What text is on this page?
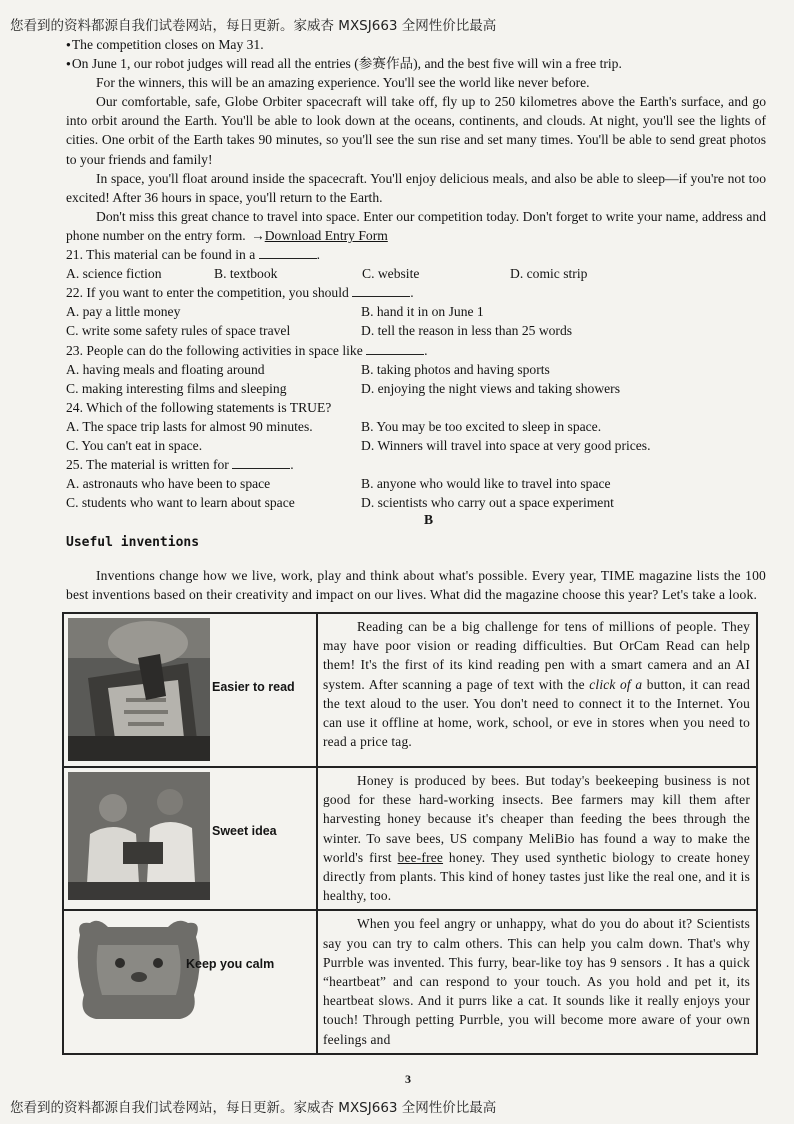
您看到的资料都源自我们试卷网站，每日更新。家威杏 MXSJ663 全网性价比最高

● The competition closes on May 31.

● On June 1, our robot judges will read all the entries (参赛作品), and the best five will win a free trip.

For the winners, this will be an amazing experience. You'll see the world like never before.

Our comfortable, safe, Globe Orbiter spacecraft will take off, fly up to 250 kilometres above the Earth's surface, and go into orbit around the Earth. You'll be able to look down at the oceans, continents, and clouds. At night, you'll see the lights of cities. One orbit of the Earth takes 90 minutes, so you'll see the sun rise and set many times. You'll be able to send great photos to your friends and family!

In space, you'll float around inside the spacecraft. You'll enjoy delicious meals, and also be able to sleep—if you're not too excited! After 36 hours in space, you'll return to the Earth.

Don't miss this great chance to travel into space. Enter our competition today. Don't forget to write your name, address and phone number on the entry form. →Download Entry Form

21. This material can be found in a	.

A. science fiction	B. textbook	C. website	D. comic strip

22. If you want to enter the competition, you should	.

A. pay a little money	B. hand it in on June 1
C. write some safety rules of space travel	D. tell the reason in less than 25 words

23. People can do the following activities in space like	.

A. having meals and floating around	B. taking photos and having sports
C. making interesting films and sleeping	D. enjoying the night views and taking showers

24. Which of the following statements is TRUE?

A. The space trip lasts for almost 90 minutes.	B. You may be too excited to sleep in space.
C. You can't eat in space.	D. Winners will travel into space at very good prices.

25. The material is written for	.

A. astronauts who have been to space	B. anyone who would like to travel into space
C. students who want to learn about space	D. scientists who carry out a space experiment

B

Useful inventions

Inventions change how we live, work, play and think about what's possible. Every year, TIME magazine lists the 100 best inventions based on their creativity and impact on our lives. What did the magazine choose this year? Let's take a look.

Easier to read	Reading can be a big challenge for tens of millions of people. They may have poor vision or reading difficulties. But OrCam Read can help them! It's the first of its kind reading pen with a smart camera and an AI system. After scanning a page of text with the click of a button, it can read the text aloud to the user. You don't need to connect it to the Internet. You can use it offline at home, work, school, or eve in stores when you need to read a price tag.

Sweet idea	Honey is produced by bees. But today's beekeeping business is not good for these hard-working insects. Bee farmers may kill them after harvesting honey because it's cheaper than feeding the bees through the winter. To save bees, US company MeliBio has found a way to make the world's first bee-free honey. They used synthetic biology to create honey directly from plants. This kind of honey tastes just like the real one, and it is healthy, too.

Keep you calm	When you feel angry or unhappy, what do you do about it? Scientists say you can try to calm others. This can help you calm down. That's why Purrble was invented. This furry, bear-like toy has 9 sensors . It has a quick “heartbeat” and can respond to your touch. As you hold and pet it, its heartbeat slows. And it purrs like a cat. It sounds like it really enjoys your touch! Through petting Purrble, you will become more aware of your own feelings and

3
您看到的资料都源自我们试卷网站，每日更新。家威杏 MXSJ663 全网性价比最高
